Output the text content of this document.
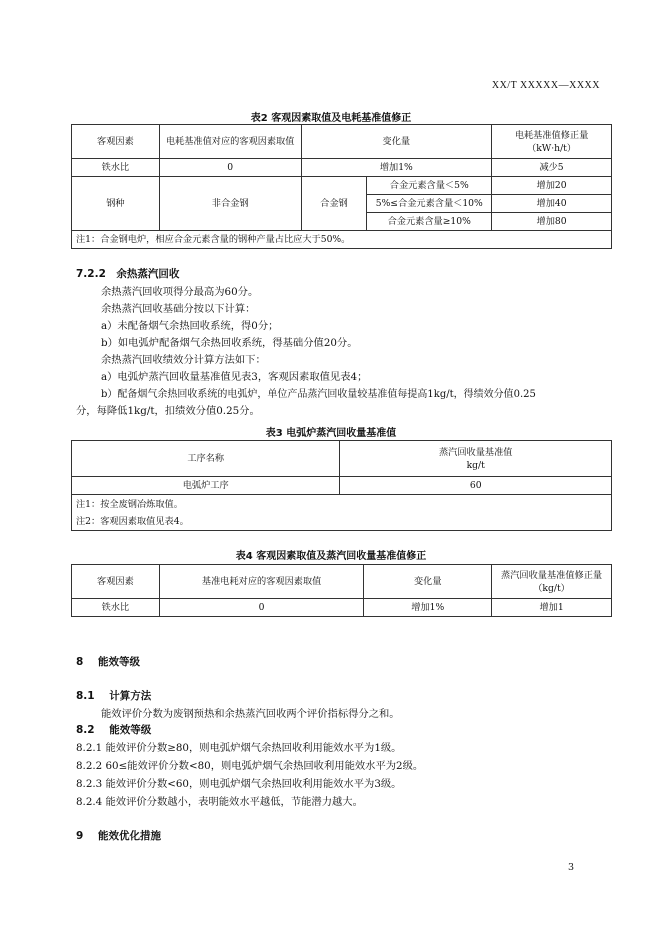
XX/T XXXXX—XXXX
表2 客观因素取值及电耗基准值修正
客观因素	电耗基准值对应的客观因素取值	变化量		电耗基准值修正量
（kW·h/t）

铁水比	0	增加1%		减少5
钢种	非合金钢	合金钢	合金元素含量＜5%	增加20
			5%≤合金元素含量＜10%	增加40
			合金元素含量≥10%	增加80
注1：合金钢电炉，相应合金元素含量的钢种产量占比应大于50%。				
7.2.2　余热蒸汽回收
余热蒸汽回收项得分最高为60分。
余热蒸汽回收基础分按以下计算：
a）未配备烟气余热回收系统，得0分；
b）如电弧炉配备烟气余热回收系统，得基础分值20分。
余热蒸汽回收绩效分计算方法如下：
a）电弧炉蒸汽回收量基准值见表3，客观因素取值见表4；
b）配备烟气余热回收系统的电弧炉，单位产品蒸汽回收量较基准值每提高1kg/t，得绩效分值0.25
分，每降低1kg/t，扣绩效分值0.25分。
表3 电弧炉蒸汽回收量基准值
工序名称	蒸汽回收量基准值
kg/t

电弧炉工序	60

注1：按全废钢冶炼取值。
注2：客观因素取值见表4。	
表4 客观因素取值及蒸汽回收量基准值修正
客观因素	基准电耗对应的客观因素取值	变化量	蒸汽回收量基准值修正量
（kg/t）

铁水比	0	增加1%	增加1
8 能效等级
8.1 计算方法
能效评价分数为废钢预热和余热蒸汽回收两个评价指标得分之和。
8.2 能效等级
8.2.1 能效评价分数≥80，则电弧炉烟气余热回收利用能效水平为1级。
8.2.2 60≤能效评价分数<80，则电弧炉烟气余热回收利用能效水平为2级。
8.2.3 能效评价分数<60，则电弧炉烟气余热回收利用能效水平为3级。
8.2.4 能效评价分数越小，表明能效水平越低，节能潜力越大。
9 能效优化措施
3
